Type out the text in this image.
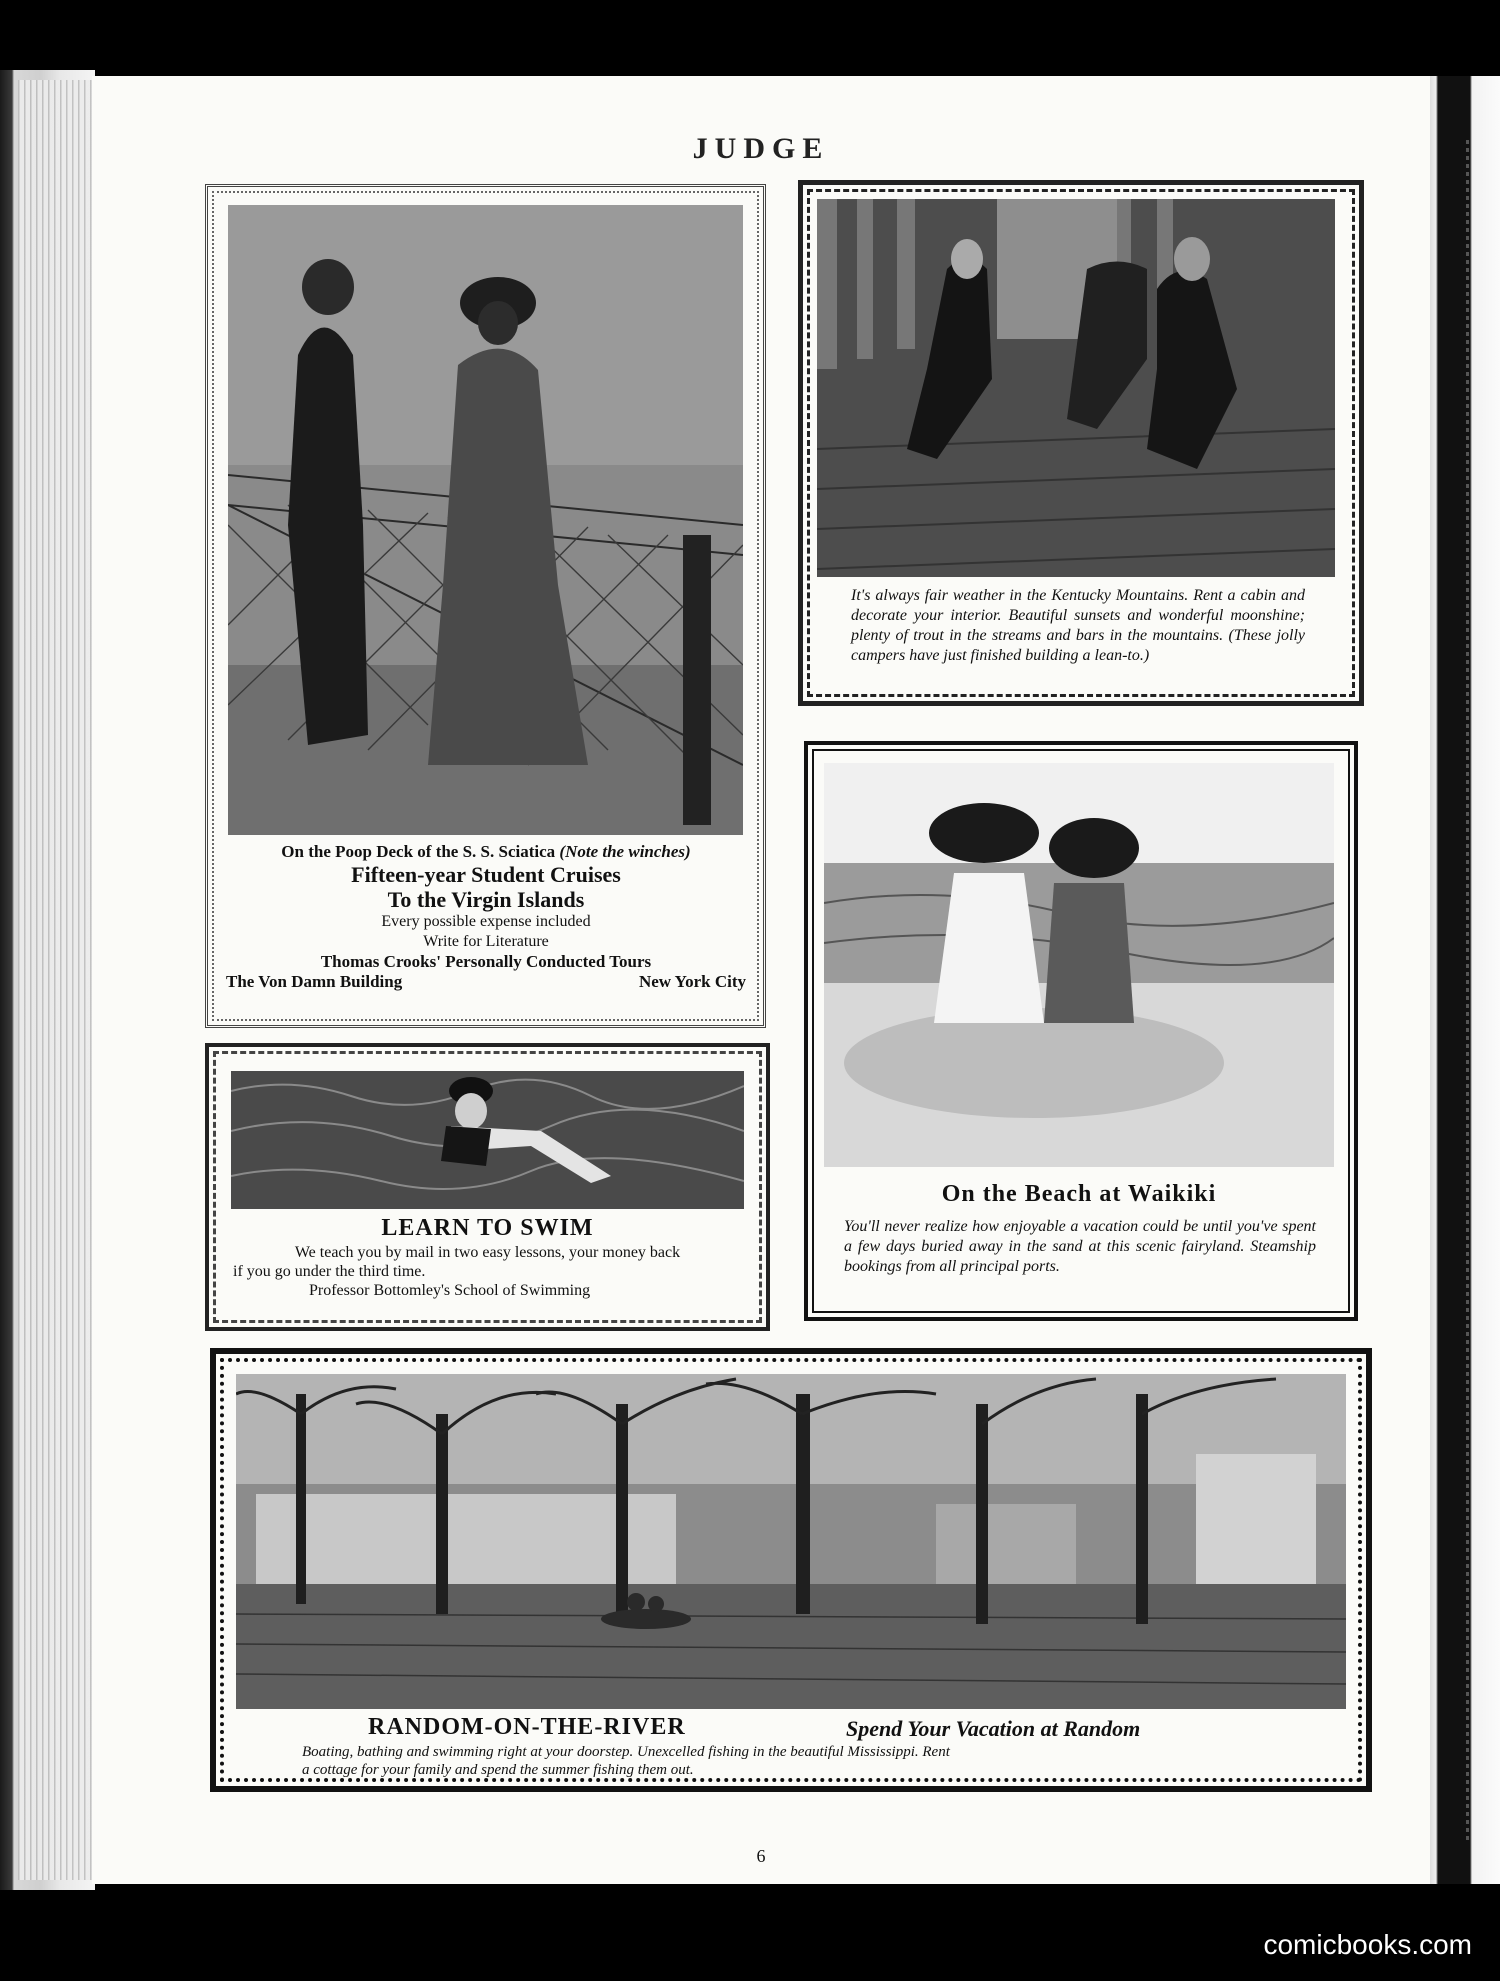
JUDGE
On the Poop Deck of the S. S. Sciatica (Note the winches)
Fifteen-year Student Cruises
To the Virgin Islands
Every possible expense included
Write for Literature
Thomas Crooks' Personally Conducted Tours
The Von Damn Building	New York City
It's always fair weather in the Kentucky Mountains. Rent a cabin and decorate your interior. Beautiful sunsets and wonderful moonshine; plenty of trout in the streams and bars in the mountains. (These jolly campers have just finished building a lean-to.)
On the Beach at Waikiki
You'll never realize how enjoyable a vacation could be until you've spent a few days buried away in the sand at this scenic fairyland. Steamship bookings from all principal ports.
LEARN TO SWIM
We teach you by mail in two easy lessons, your money back
if you go under the third time.
Professor Bottomley's School of Swimming
RANDOM-ON-THE-RIVER	Spend Your Vacation at Random
Boating, bathing and swimming right at your doorstep. Unexcelled fishing in the beautiful Mississippi. Rent
a cottage for your family and spend the summer fishing them out.
6
comicbooks.com
